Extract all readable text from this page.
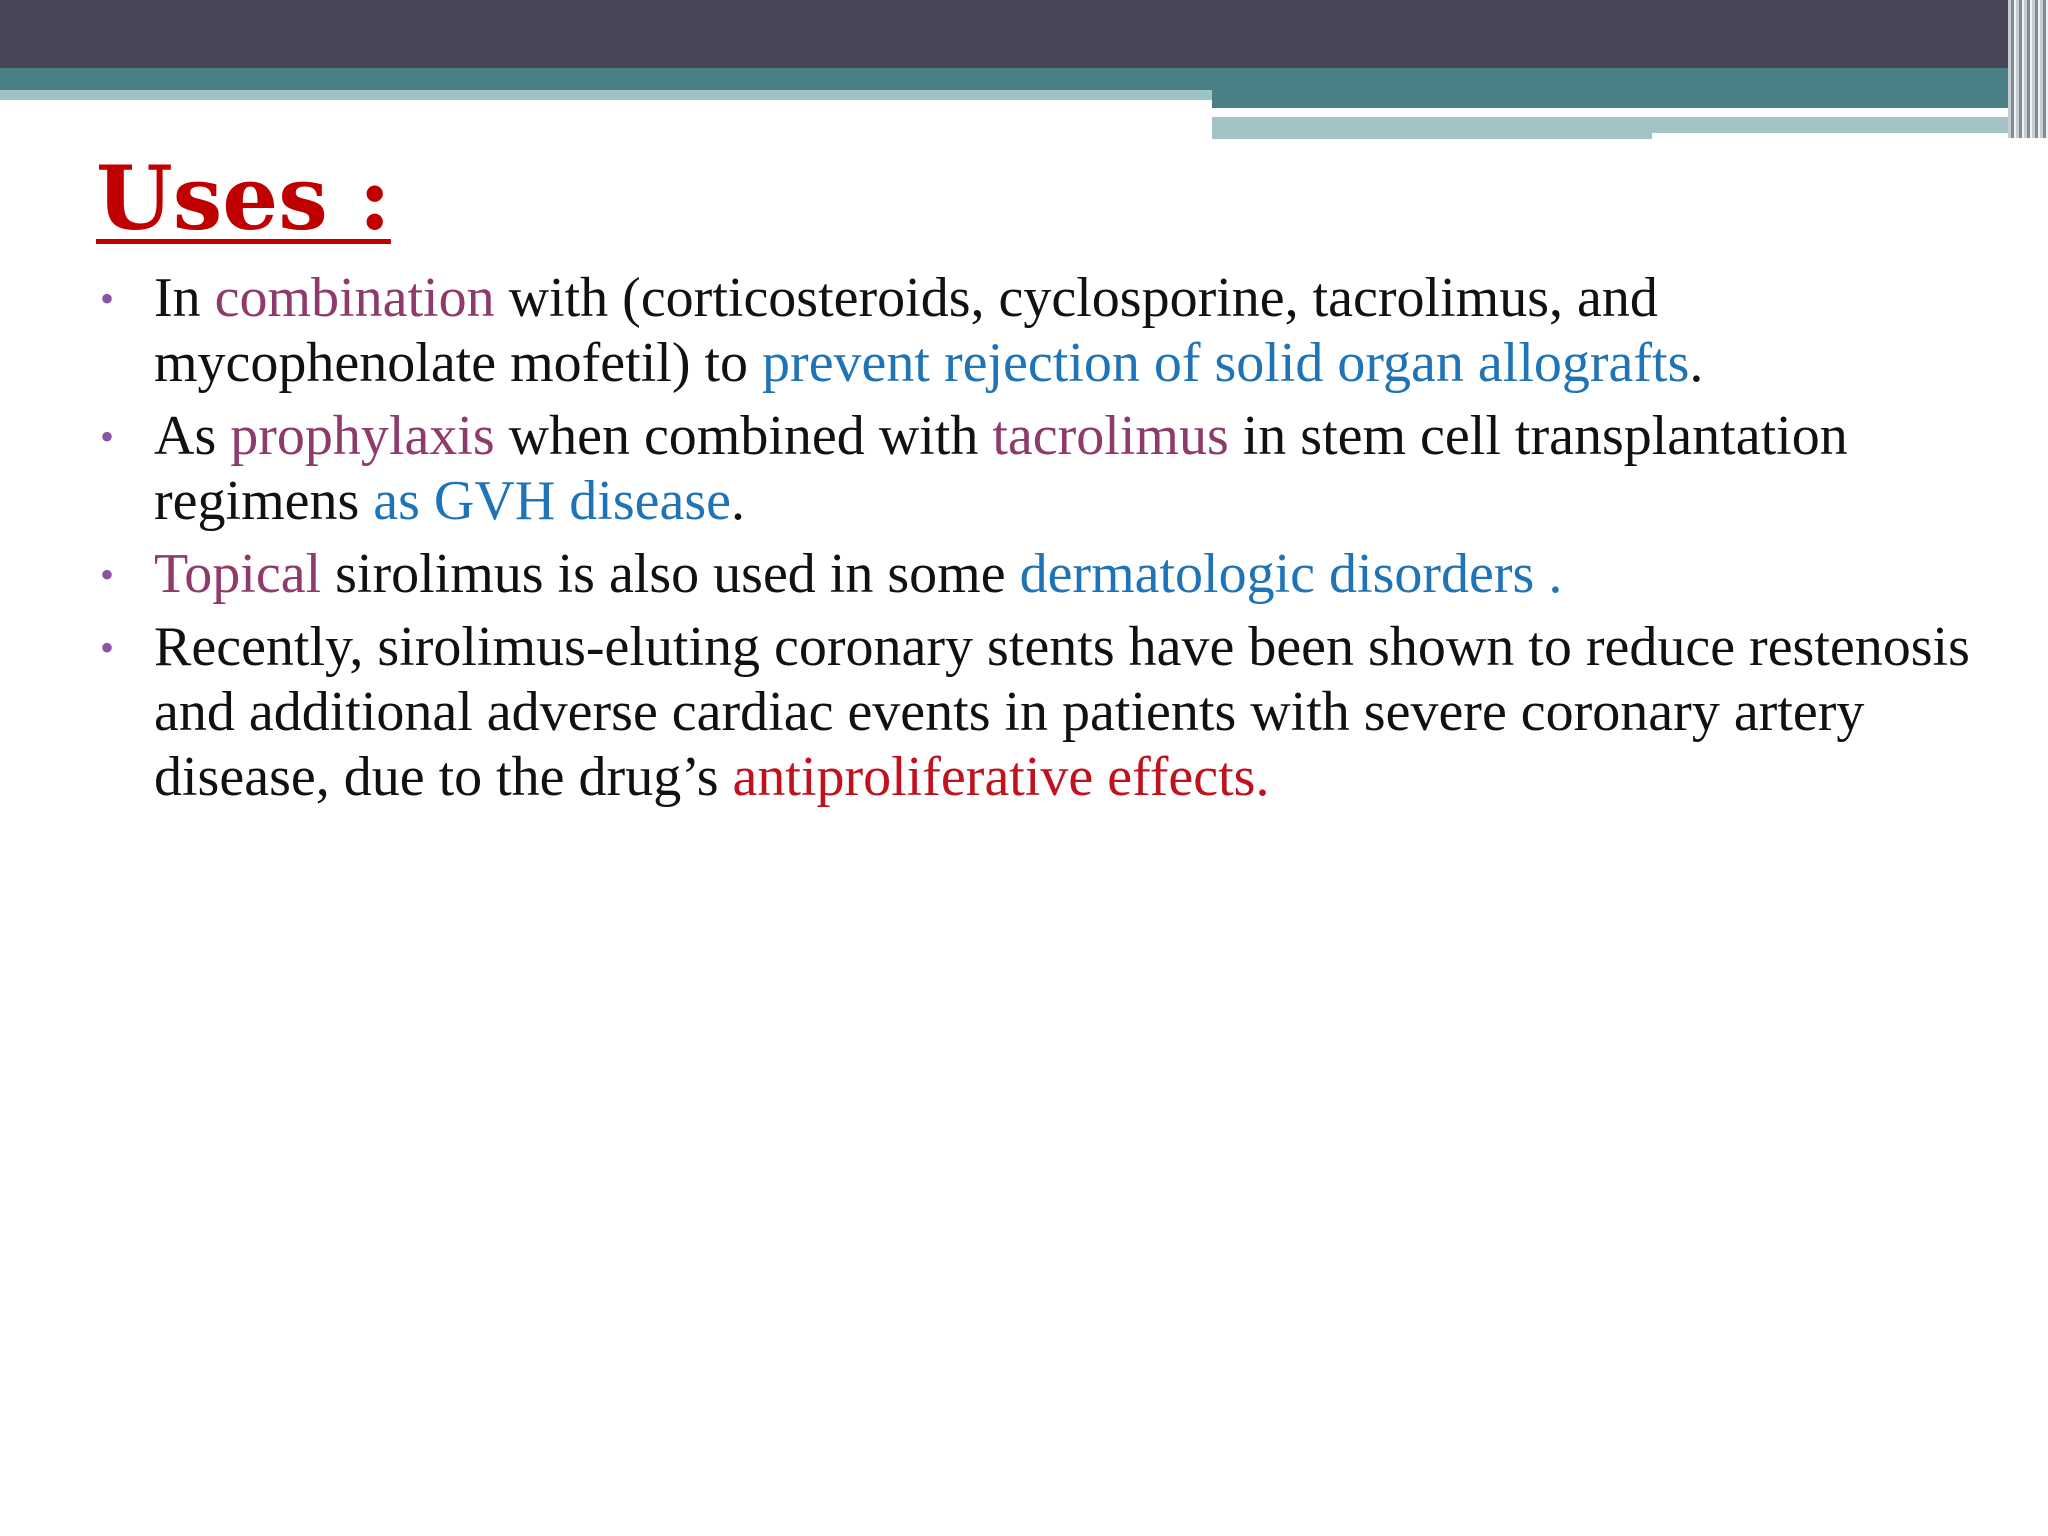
Uses :
• In combination with (corticosteroids, cyclosporine, tacrolimus, and mycophenolate mofetil) to prevent rejection of solid organ allografts.
• As prophylaxis when combined with tacrolimus in stem cell transplantation regimens as GVH disease.
• Topical sirolimus is also used in some dermatologic disorders .
• Recently, sirolimus-eluting coronary stents have been shown to reduce restenosis and additional adverse cardiac events in patients with severe coronary artery disease, due to the drug’s antiproliferative effects.
